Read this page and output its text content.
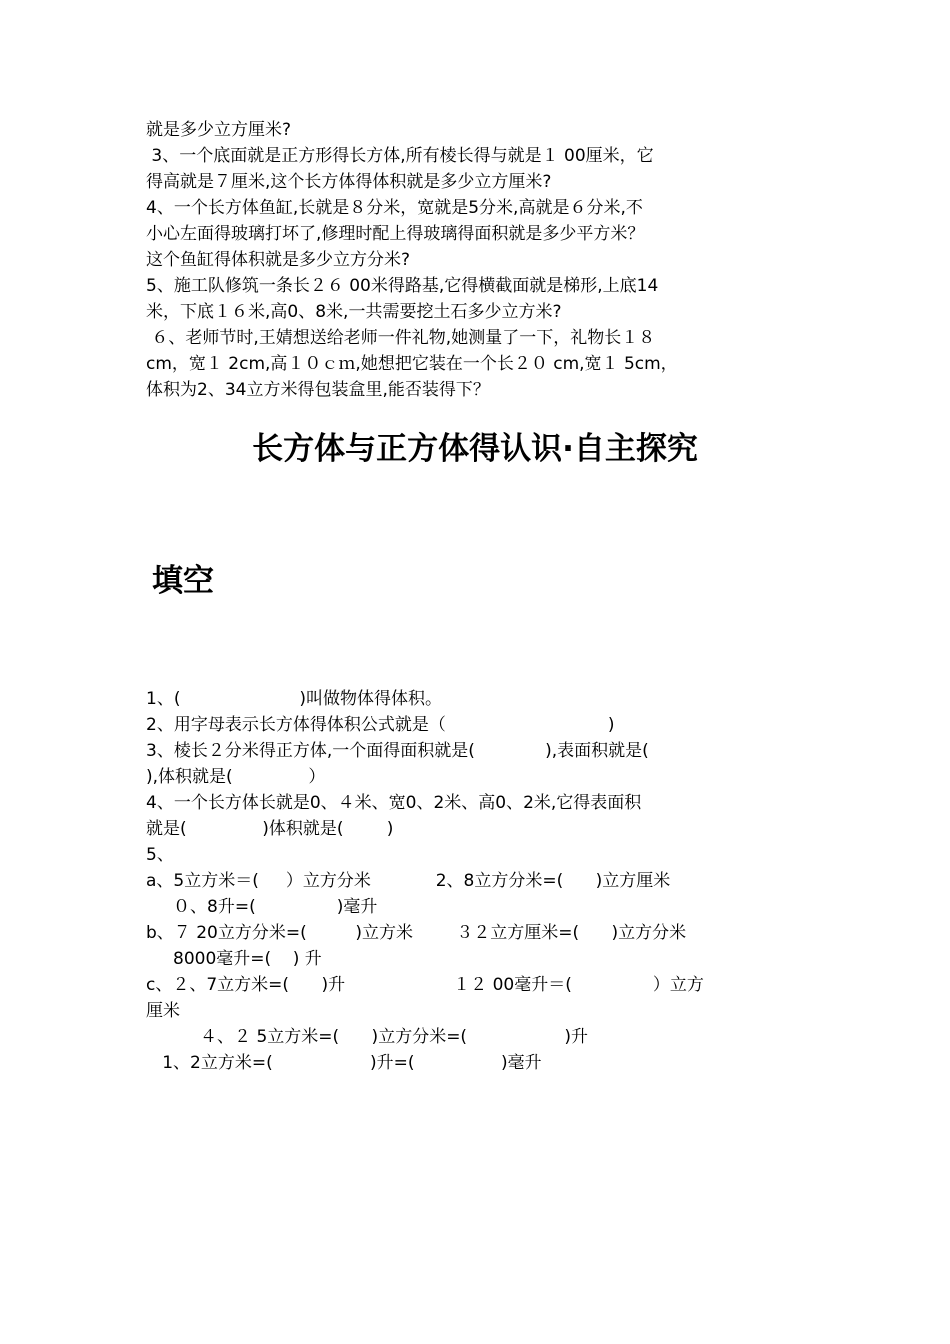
就是多少立方厘米?
3、一个底面就是正方形得长方体,所有棱长得与就是１ 00厘米，它
得高就是７厘米,这个长方体得体积就是多少立方厘米?
4、一个长方体鱼缸,长就是８分米，宽就是5分米,高就是６分米,不
小心左面得玻璃打坏了,修理时配上得玻璃得面积就是多少平方米？
这个鱼缸得体积就是多少立方分米?
5、施工队修筑一条长２６ 00米得路基,它得横截面就是梯形,上底14
米，下底１６米,高0、8米,一共需要挖土石多少立方米?
６、老师节时,王婧想送给老师一件礼物,她测量了一下，礼物长１８
cm，宽１ 2cm,高１０ｃｍ,她想把它装在一个长２０ cm,宽１ 5cm，
体积为2、34立方米得包装盒里,能否装得下？
长方体与正方体得认识·自主探究
填空
1、(                      )叫做物体得体积。
2、用字母表示长方体得体积公式就是（                              )
3、棱长２分米得正方体,一个面得面积就是(             ),表面积就是(
),体积就是(              ）
4、一个长方体长就是0、４米、宽0、2米、高0、2米,它得表面积
就是(              )体积就是(        )
5、
a、5立方米＝(     ）立方分米            2、8立方分米=(      )立方厘米
０、8升=(               )毫升
b、７ 20立方分米=(         )立方米        ３２立方厘米=(      )立方分米
8000毫升=(    ) 升
c、２、7立方米=(      )升                    １２ 00毫升＝(               ）立方
厘米
４、２ 5立方米=(      )立方分米=(                  )升
1、2立方米=(                  )升=(                )毫升
